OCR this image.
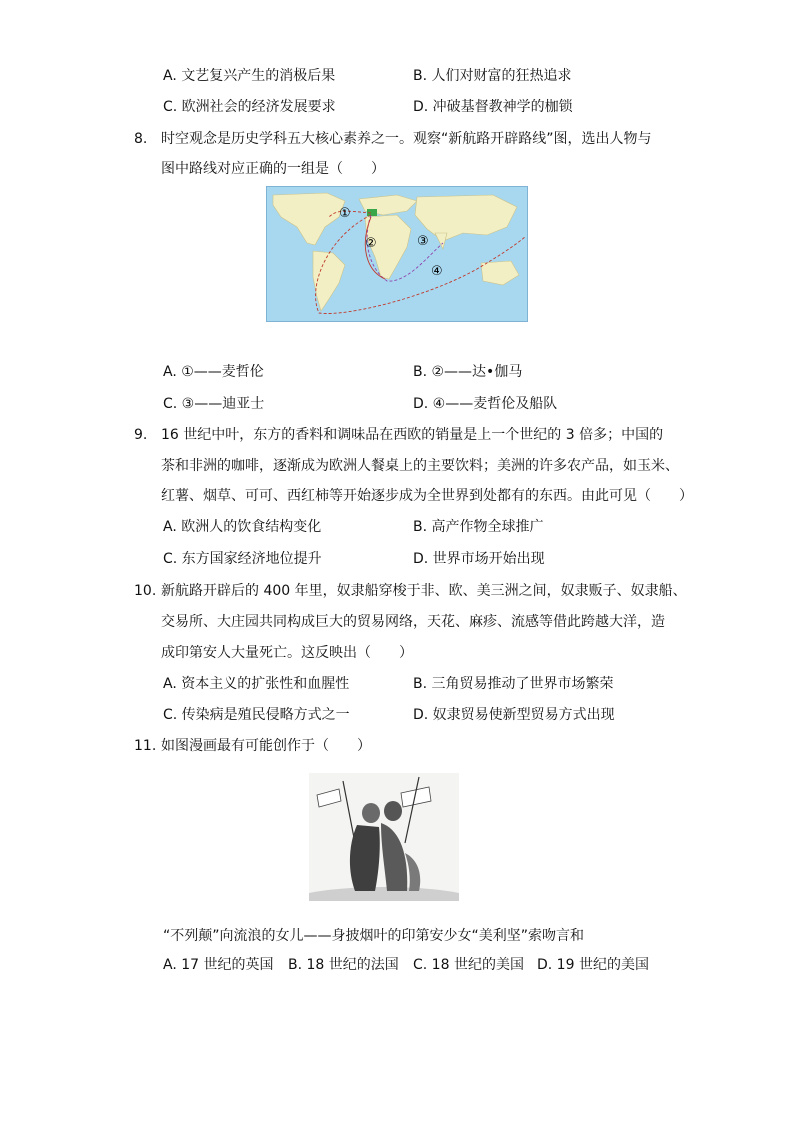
A. 文艺复兴产生的消极后果	B. 人们对财富的狂热追求
C. 欧洲社会的经济发展要求	D. 冲破基督教神学的枷锁
8. 时空观念是历史学科五大核心素养之一。观察“新航路开辟路线”图，选出人物与
图中路线对应正确的一组是（　　）
①
②	③
④
A. ①——麦哲伦	B. ②——达•伽马
C. ③——迪亚士	D. ④——麦哲伦及船队
9. 16 世纪中叶，东方的香料和调味品在西欧的销量是上一个世纪的 3 倍多；中国的
茶和非洲的咖啡，逐渐成为欧洲人餐桌上的主要饮料；美洲的许多农产品，如玉米、
红薯、烟草、可可、西红柿等开始逐步成为全世界到处都有的东西。由此可见（　　）
A. 欧洲人的饮食结构变化	B. 高产作物全球推广
C. 东方国家经济地位提升	D. 世界市场开始出现
10. 新航路开辟后的 400 年里，奴隶船穿梭于非、欧、美三洲之间，奴隶贩子、奴隶船、
交易所、大庄园共同构成巨大的贸易网络，天花、麻疹、流感等借此跨越大洋，造
成印第安人大量死亡。这反映出（　　）
A. 资本主义的扩张性和血腥性	B. 三角贸易推动了世界市场繁荣
C. 传染病是殖民侵略方式之一	D. 奴隶贸易使新型贸易方式出现
11. 如图漫画最有可能创作于（　　）
“不列颠”向流浪的女儿——身披烟叶的印第安少女“美利坚”索吻言和
A. 17 世纪的英国 B. 18 世纪的法国 C. 18 世纪的美国 D. 19 世纪的美国
